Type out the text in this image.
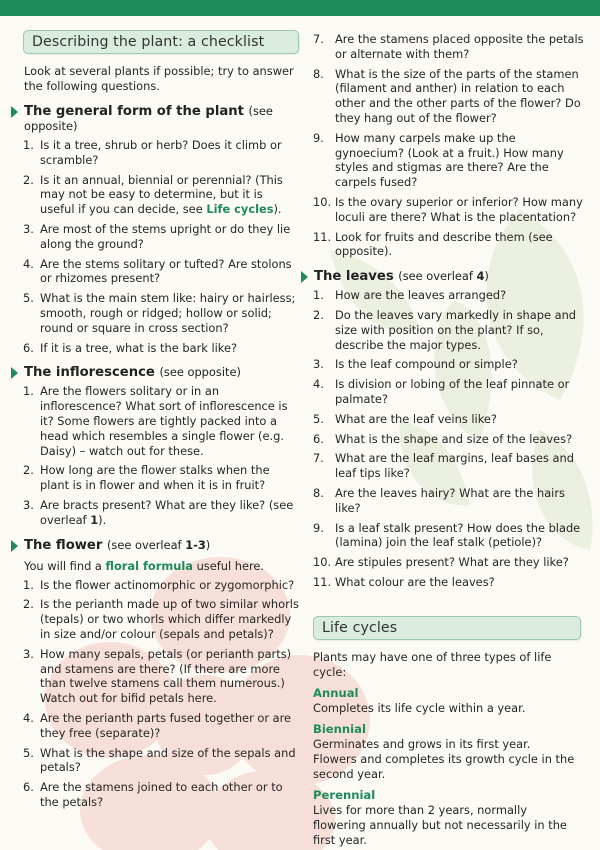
Describing the plant: a checklist
Look at several plants if possible; try to answer the following questions.
The general form of the plant (see opposite)
1. Is it a tree, shrub or herb? Does it climb or scramble?
2. Is it an annual, biennial or perennial? (This may not be easy to determine, but it is useful if you can decide, see Life cycles).
3. Are most of the stems upright or do they lie along the ground?
4. Are the stems solitary or tufted? Are stolons or rhizomes present?
5. What is the main stem like: hairy or hairless; smooth, rough or ridged; hollow or solid; round or square in cross section?
6. If it is a tree, what is the bark like?
The inflorescence (see opposite)
1. Are the flowers solitary or in an inflorescence? What sort of inflorescence is it? Some flowers are tightly packed into a head which resembles a single flower (e.g. Daisy) – watch out for these.
2. How long are the flower stalks when the plant is in flower and when it is in fruit?
3. Are bracts present? What are they like? (see overleaf 1).
The flower (see overleaf 1-3)
You will find a floral formula useful here.
1. Is the flower actinomorphic or zygomorphic?
2. Is the perianth made up of two similar whorls (tepals) or two whorls which differ markedly in size and/or colour (sepals and petals)?
3. How many sepals, petals (or perianth parts) and stamens are there? (If there are more than twelve stamens call them numerous.) Watch out for bifid petals here.
4. Are the perianth parts fused together or are they free (separate)?
5. What is the shape and size of the sepals and petals?
6. Are the stamens joined to each other or to the petals?
7. Are the stamens placed opposite the petals or alternate with them?
8. What is the size of the parts of the stamen (filament and anther) in relation to each other and the other parts of the flower? Do they hang out of the flower?
9. How many carpels make up the gynoecium? (Look at a fruit.) How many styles and stigmas are there? Are the carpels fused?
10. Is the ovary superior or inferior? How many loculi are there? What is the placentation?
11. Look for fruits and describe them (see opposite).
The leaves (see overleaf 4)
1. How are the leaves arranged?
2. Do the leaves vary markedly in shape and size with position on the plant? If so, describe the major types.
3. Is the leaf compound or simple?
4. Is division or lobing of the leaf pinnate or palmate?
5. What are the leaf veins like?
6. What is the shape and size of the leaves?
7. What are the leaf margins, leaf bases and leaf tips like?
8. Are the leaves hairy? What are the hairs like?
9. Is a leaf stalk present? How does the blade (lamina) join the leaf stalk (petiole)?
10. Are stipules present? What are they like?
11. What colour are the leaves?
Life cycles
Plants may have one of three types of life cycle:
Annual
Completes its life cycle within a year.
Biennial
Germinates and grows in its first year.
Flowers and completes its growth cycle in the second year.
Perennial
Lives for more than 2 years, normally flowering annually but not necessarily in the first year.
